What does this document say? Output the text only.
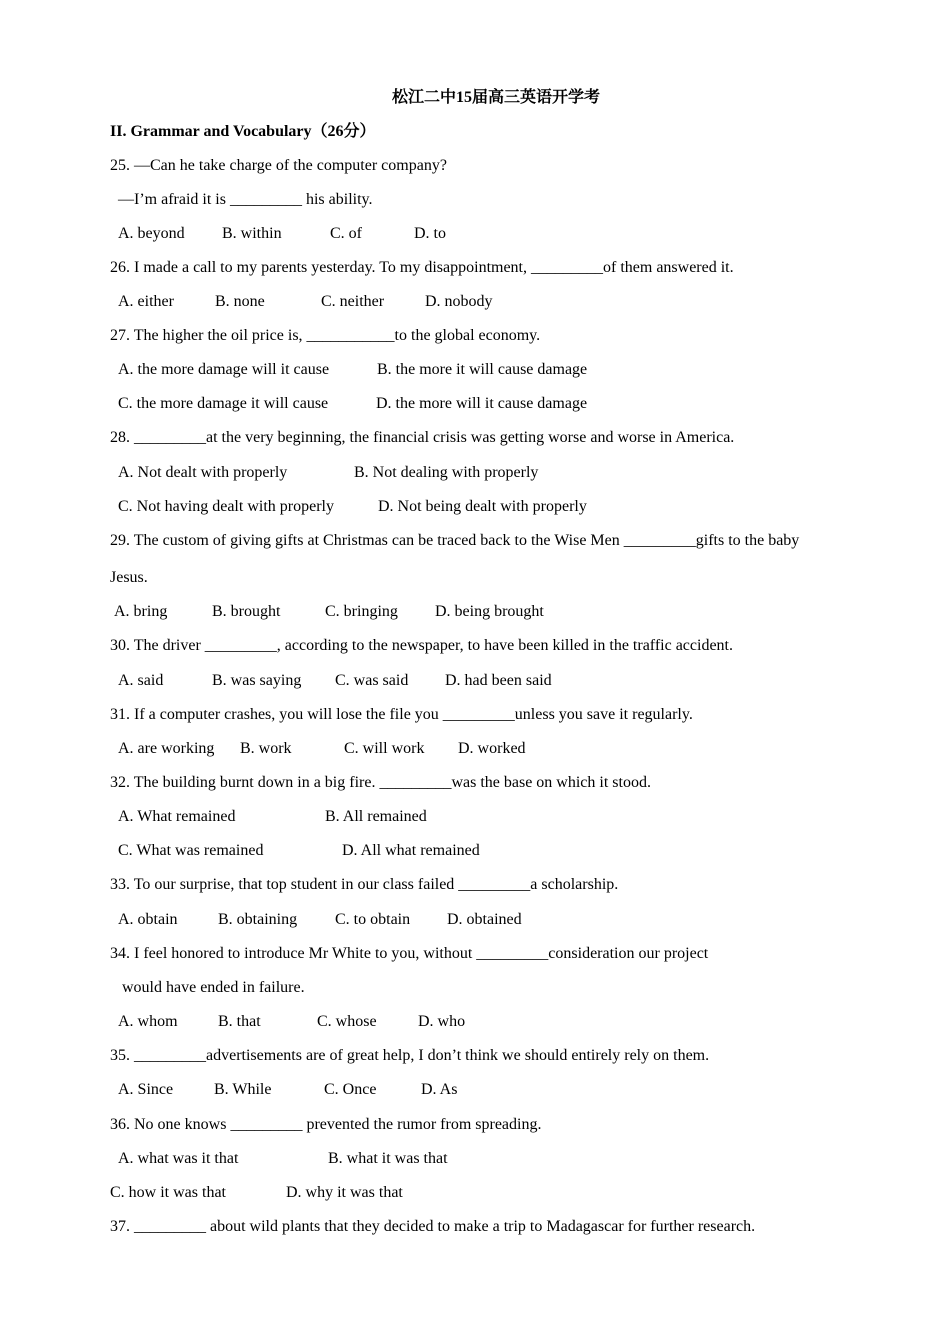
松江二中15届高三英语开学考
II. Grammar and Vocabulary（26分）
25. —Can he take charge of the computer company?
—I’m afraid it is _________ his ability.
A. beyond B. within	C. of	D. to
26. I made a call to my parents yesterday. To my disappointment, _________of them answered it.
A. either	B. none	C. neither	D. nobody
27. The higher the oil price is, ___________to the global economy.
A. the more damage will it cause	B. the more it will cause damage
C. the more damage it will cause	D. the more will it cause damage
28. _________at the very beginning, the financial crisis was getting worse and worse in America.
A. Not dealt with properly	B. Not dealing with properly
C. Not having dealt with properly	D. Not being dealt with properly
29. The custom of giving gifts at Christmas can be traced back to the Wise Men _________gifts to the baby
Jesus.
A. bring	B. brought	C. bringing D. being brought
30. The driver _________, according to the newspaper, to have been killed in the traffic accident.
A. said	B. was saying C. was said D. had been said
31. If a computer crashes, you will lose the file you _________unless you save it regularly.
A. are working B. work	C. will work D. worked
32. The building burnt down in a big fire. _________was the base on which it stood.
A. What remained	B. All remained
C. What was remained	D. All what remained
33. To our surprise, that top student in our class failed _________a scholarship.
A. obtain	B. obtaining C. to obtain D. obtained
34. I feel honored to introduce Mr White to you, without _________consideration our project
would have ended in failure.
A. whom	B. that	C. whose	D. who
35. _________advertisements are of great help, I don’t think we should entirely rely on them.
A. Since	B. While	C. Once	D. As
36. No one knows _________ prevented the rumor from spreading.
A. what was it that	B. what it was that
C. how it was that	D. why it was that
37. _________ about wild plants that they decided to make a trip to Madagascar for further research.
